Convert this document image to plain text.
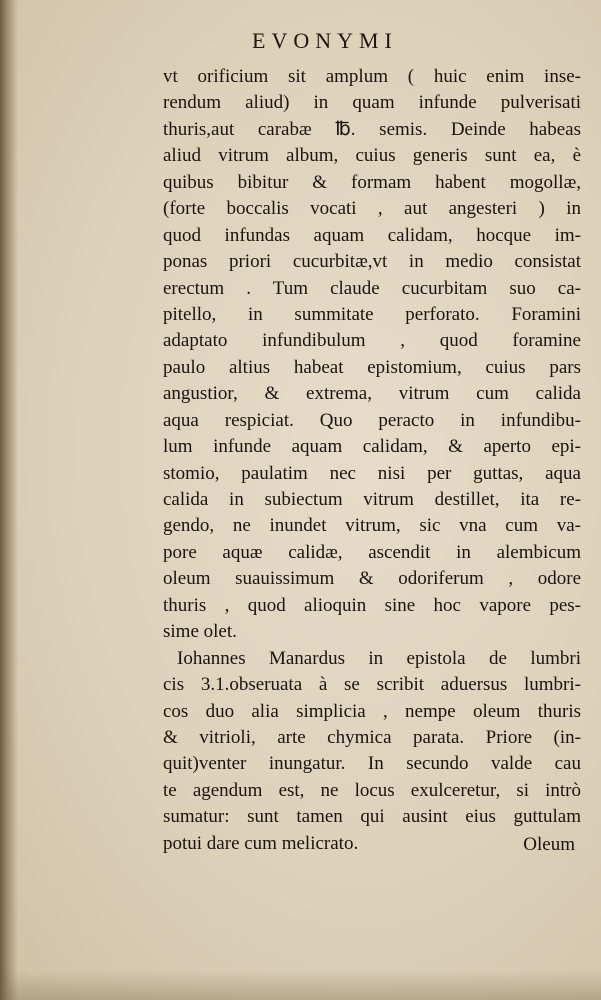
EVONYMI
vt orificium sit amplum ( huic enim inse-
rendum aliud) in quam infunde pulverisati
thuris,aut carabæ ℔. semis. Deinde habeas
aliud vitrum album, cuius generis sunt ea, è
quibus bibitur & formam habent mogollæ,
(forte boccalis vocati , aut angesteri ) in
quod infundas aquam calidam, hocque im-
ponas priori cucurbitæ,vt in medio consistat
erectum . Tum claude cucurbitam suo ca-
pitello, in summitate perforato. Foramini
adaptato infundibulum , quod foramine
paulo altius habeat epistomium, cuius pars
angustior, & extrema, vitrum cum calida
aqua respiciat. Quo peracto in infundibu-
lum infunde aquam calidam, & aperto epi-
stomio, paulatim nec nisi per guttas, aqua
calida in subiectum vitrum destillet, ita re-
gendo, ne inundet vitrum, sic vna cum va-
pore aquæ calidæ, ascendit in alembicum
oleum suauissimum & odoriferum , odore
thuris , quod alioquin sine hoc vapore pes-
sime olet.
Iohannes Manardus in epistola de lumbri
cis 3.1.obseruata à se scribit aduersus lumbri-
cos duo alia simplicia , nempe oleum thuris
& vitrioli, arte chymica parata. Priore (in-
quit)venter inungatur. In secundo valde cau
te agendum est, ne locus exulceretur, si intrò
sumatur: sunt tamen qui ausint eius guttulam
potui dare cum melicrato.	Oleum
